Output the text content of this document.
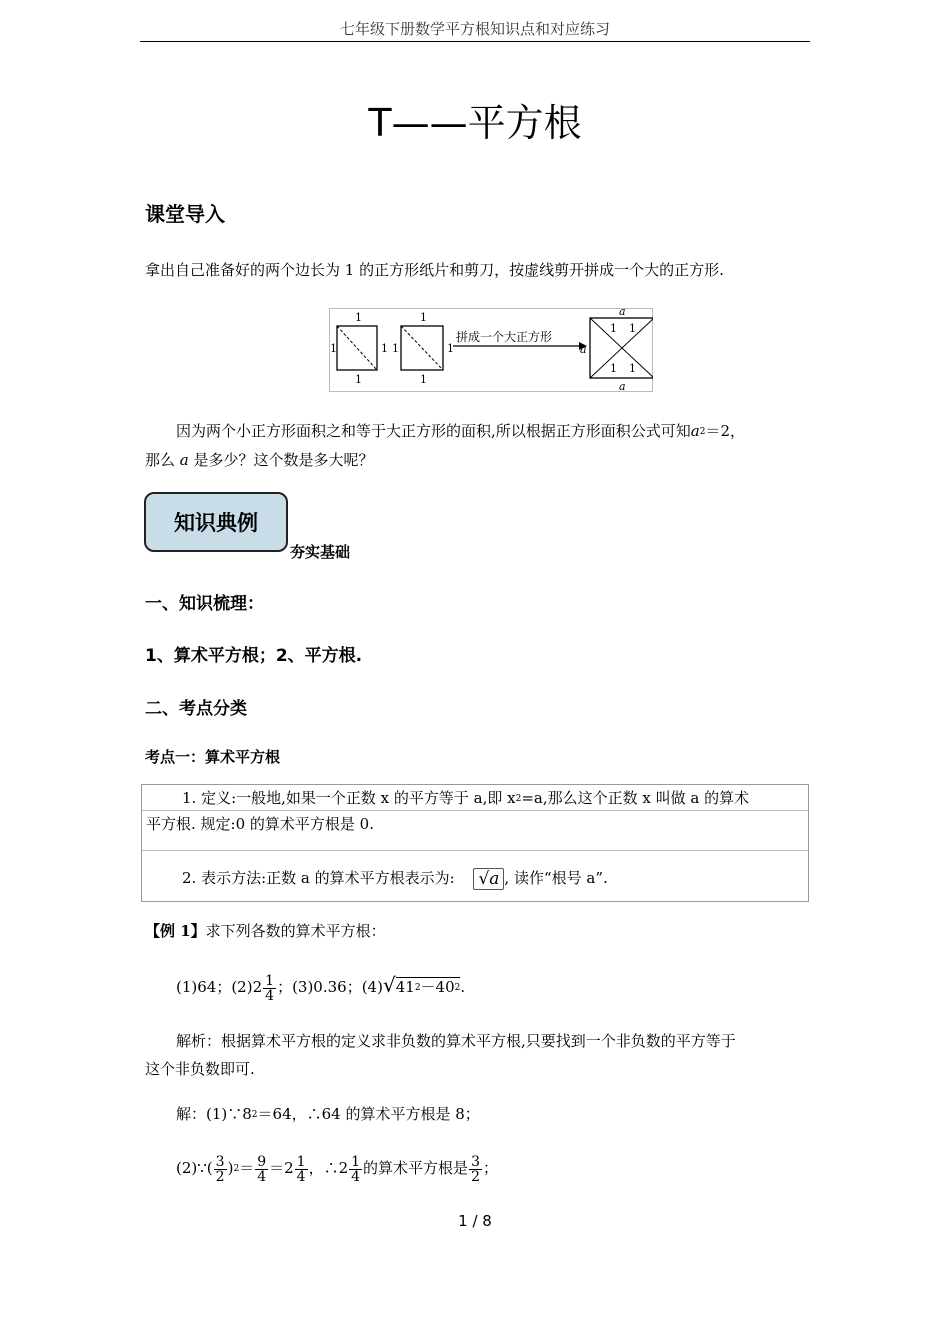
七年级下册数学平方根知识点和对应练习
T——平方根
课堂导入
拿出自己准备好的两个边长为 1 的正方形纸片和剪刀，按虚线剪开拼成一个大的正方形.
1
1
1	1
1
1
1	1
拼成一个大正方形
a
a
a
1 1
1 1
因为两个小正方形面积之和等于大正方形的面积,所以根据正方形面积公式可知a2＝2，
那么 a 是多少？这个数是多大呢？
知识典例
夯实基础
一、知识梳理：
1、算术平方根；2、平方根.
二、考点分类
考点一：算术平方根
1. 定义:一般地,如果一个正数 x 的平方等于 a,即 x2=a,那么这个正数 x 叫做 a 的算术
平方根. 规定:0 的算术平方根是 0.
2. 表示方法:正数 a 的算术平方根表示为: √a , 读作“根号 a”.
【例 1】求下列各数的算术平方根：
(1)64；$(2)2 \frac{1}{4}$ ；(3)0.36；(4)√412－402.
解析：根据算术平方根的定义求非负数的算术平方根,只要找到一个非负数的平方等于
这个非负数即可.
解：(1)∵82＝64，∴64 的算术平方根是 8；
(2)∵( $\frac{3}{2} )2= \frac{9}{4} =2 \frac{1}{4}$ ，∴2 $\frac{1}{4}$ 的算术平方根是 $\frac{3}{2}$ ；
1 / 8
